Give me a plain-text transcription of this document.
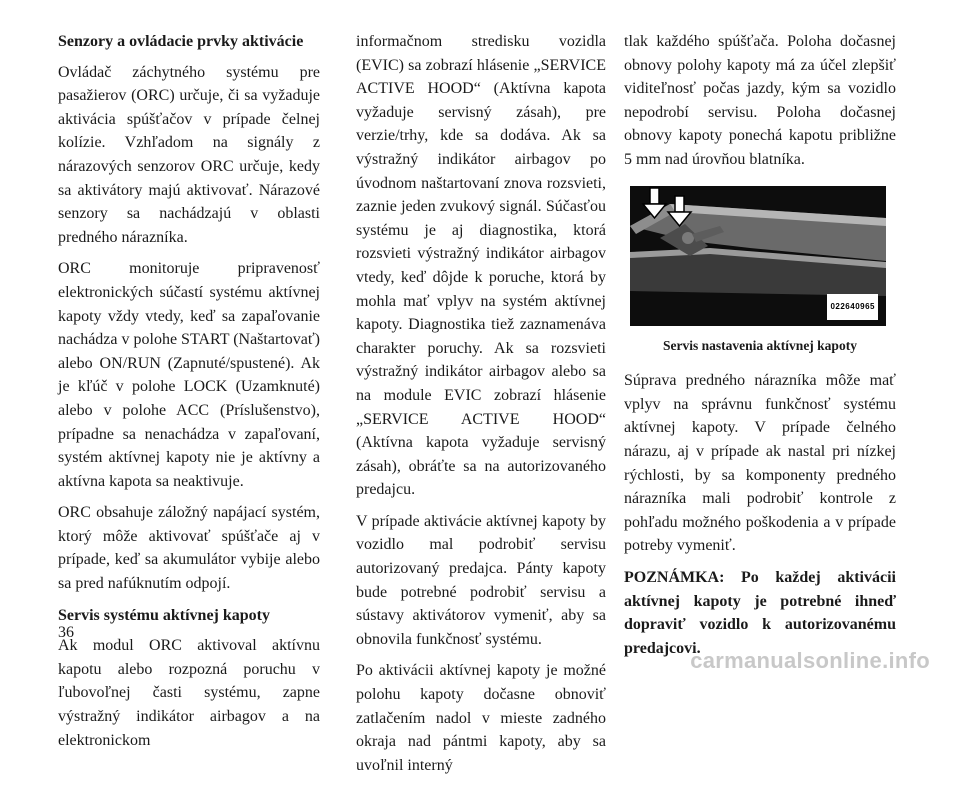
Senzory a ovládacie prvky aktivácie

Ovládač záchytného systému pre pasažierov (ORC) určuje, či sa vyžaduje aktivácia spúšťačov v prípade čelnej kolízie. Vzhľadom na signály z nárazových senzorov ORC určuje, kedy sa aktivátory majú aktivovať. Nárazové senzory sa nachádzajú v oblasti predného nárazníka.

ORC monitoruje pripravenosť elektronických súčastí systému aktívnej kapoty vždy vtedy, keď sa zapaľovanie nachádza v polohe START (Naštartovať) alebo ON/RUN (Zapnuté/spustené). Ak je kľúč v polohe LOCK (Uzamknuté) alebo v polohe ACC (Príslušenstvo), prípadne sa nenachádza v zapaľovaní, systém aktívnej kapoty nie je aktívny a aktívna kapota sa neaktivuje.

ORC obsahuje záložný napájací systém, ktorý môže aktivovať spúšťače aj v prípade, keď sa akumulátor vybije alebo sa pred nafúknutím odpojí.

Servis systému aktívnej kapoty

Ak modul ORC aktivoval aktívnu kapotu alebo rozpozná poruchu v ľubovoľnej časti systému, zapne výstražný indikátor airbagov a na elektronickom

informačnom stredisku vozidla (EVIC) sa zobrazí hlásenie „SERVICE ACTIVE HOOD“ (Aktívna kapota vyžaduje servisný zásah), pre verzie/trhy, kde sa dodáva. Ak sa výstražný indikátor airbagov po úvodnom naštartovaní znova rozsvieti, zaznie jeden zvukový signál. Súčasťou systému je aj diagnostika, ktorá rozsvieti výstražný indikátor airbagov vtedy, keď dôjde k poruche, ktorá by mohla mať vplyv na systém aktívnej kapoty. Diagnostika tiež zaznamenáva charakter poruchy. Ak sa rozsvieti výstražný indikátor airbagov alebo sa na module EVIC zobrazí hlásenie „SERVICE ACTIVE HOOD“ (Aktívna kapota vyžaduje servisný zásah), obráťte sa na autorizovaného predajcu.

V prípade aktivácie aktívnej kapoty by vozidlo mal podrobiť servisu autorizovaný predajca. Pánty kapoty bude potrebné podrobiť servisu a sústavy aktivátorov vymeniť, aby sa obnovila funkčnosť systému.

Po aktivácii aktívnej kapoty je možné polohu kapoty dočasne obnoviť zatlačením nadol v mieste zadného okraja nad pántmi kapoty, aby sa uvoľnil interný

tlak každého spúšťača. Poloha dočasnej obnovy polohy kapoty má za účel zlepšiť viditeľnosť počas jazdy, kým sa vozidlo nepodrobí servisu. Poloha dočasnej obnovy kapoty ponechá kapotu približne 5 mm nad úrovňou blatníka.

022640965
Servis nastavenia aktívnej kapoty

Súprava predného nárazníka môže mať vplyv na správnu funkčnosť systému aktívnej kapoty. V prípade čelného nárazu, aj v prípade ak nastal pri nízkej rýchlosti, by sa komponenty predného nárazníka mali podrobiť kontrole z pohľadu možného poškodenia a v prípade potreby vymeniť.

POZNÁMKA: Po každej aktivácii aktívnej kapoty je potrebné ihneď dopraviť vozidlo k autorizovanému predajcovi.

36
carmanualsonline.info
